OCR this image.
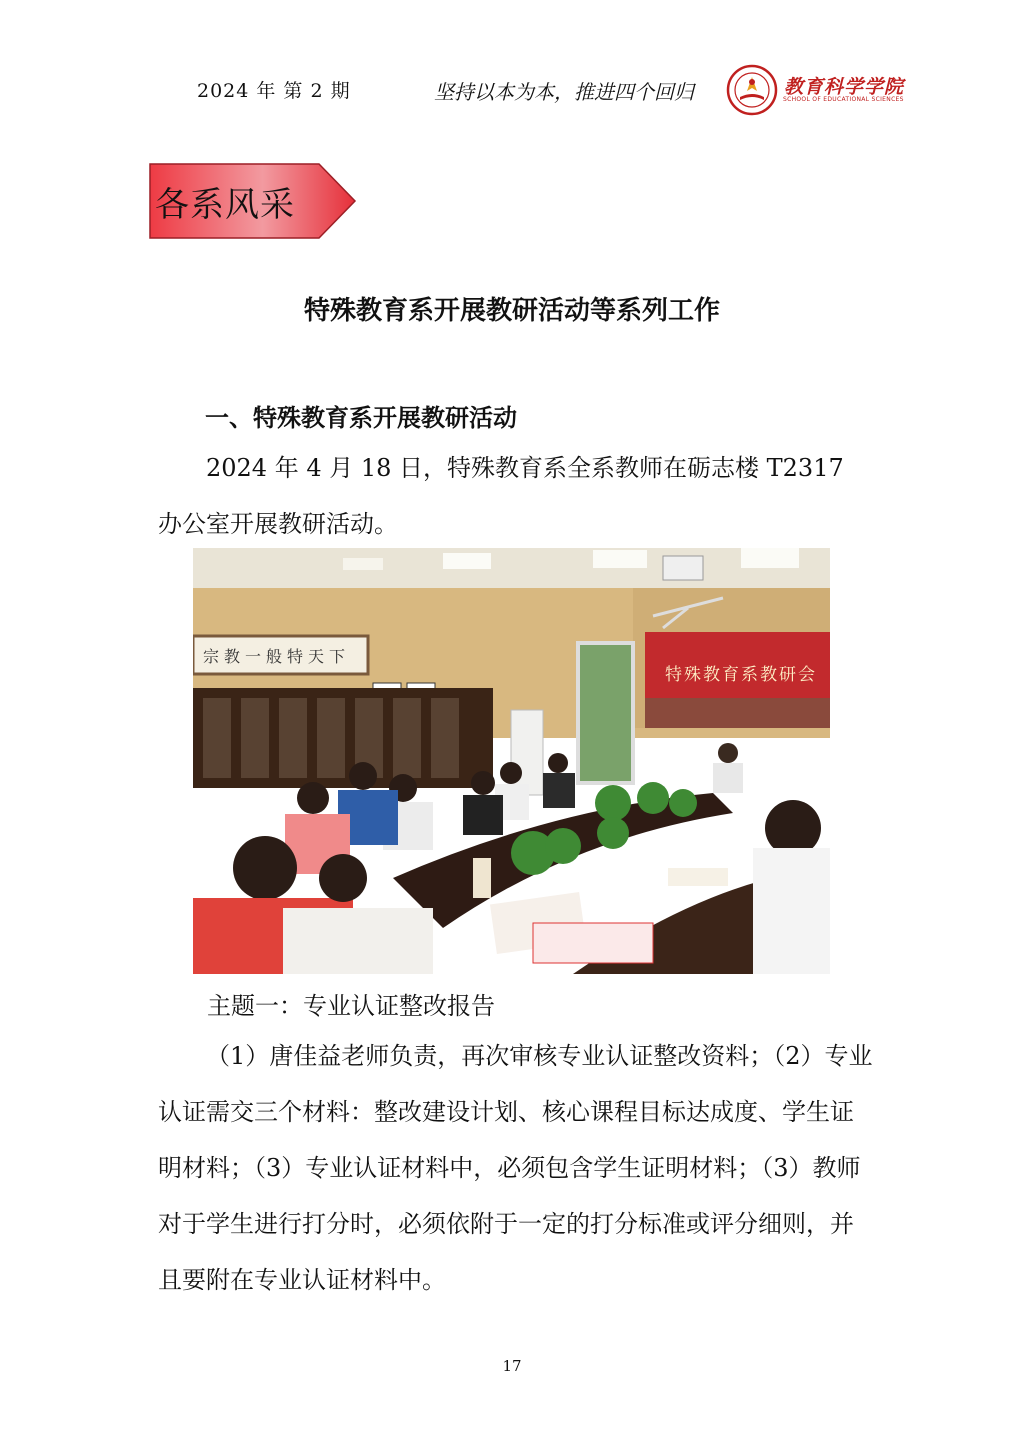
2024 年 第 2 期	坚持以本为本，推进四个回归	教育科学学院
SCHOOL OF EDUCATIONAL SCIENCES
各系风采
特殊教育系开展教研活动等系列工作
一、特殊教育系开展教研活动
2024 年 4 月 18 日，特殊教育系全系教师在砺志楼 T2317 办公室开展教研活动。
宗教一般特天下
特殊教育系教研会
主题一：专业认证整改报告
（1）唐佳益老师负责，再次审核专业认证整改资料；（2）专业认证需交三个材料：整改建设计划、核心课程目标达成度、学生证明材料；（3）专业认证材料中，必须包含学生证明材料；（3）教师对于学生进行打分时，必须依附于一定的打分标准或评分细则，并且要附在专业认证材料中。
17
